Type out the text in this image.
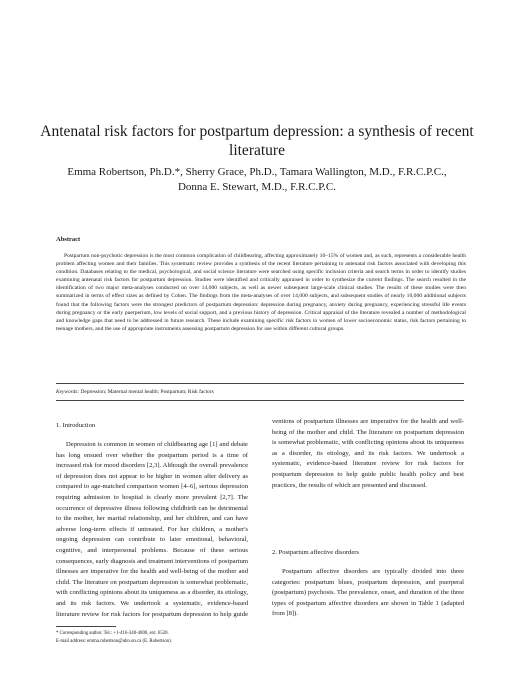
Antenatal risk factors for postpartum depression: a synthesis of recent literature
Emma Robertson, Ph.D.*, Sherry Grace, Ph.D., Tamara Wallington, M.D., F.R.C.P.C.,
Donna E. Stewart, M.D., F.R.C.P.C.
Abstract

Postpartum non-psychotic depression is the most common complication of childbearing, affecting approximately 10–15% of women and, as such, represents a considerable health problem affecting women and their families. This systematic review provides a synthesis of the recent literature pertaining to antenatal risk factors associated with developing this condition. Databases relating to the medical, psychological, and social science literature were searched using specific inclusion criteria and search terms in order to identify studies examining antenatal risk factors for postpartum depression. Studies were identified and critically appraised in order to synthesize the current findings. The search resulted in the identification of two major meta-analyses conducted on over 14,000 subjects, as well as newer subsequent large-scale clinical studies. The results of these studies were then summarized in terms of effect sizes as defined by Cohen. The findings from the meta-analyses of over 14,000 subjects, and subsequent studies of nearly 10,000 additional subjects found that the following factors were the strongest predictors of postpartum depression: depression during pregnancy, anxiety during pregnancy, experiencing stressful life events during pregnancy or the early puerperium, low levels of social support, and a previous history of depression. Critical appraisal of the literature revealed a number of methodological and knowledge gaps that need to be addressed in future research. These include examining specific risk factors in women of lower socioeconomic status, risk factors pertaining to teenage mothers, and the use of appropriate instruments assessing postpartum depression for use within different cultural groups.

Keywords: Depression; Maternal mental health; Postpartum; Risk factors
1. Introduction

Depression is common in women of childbearing age [1] and debate has long ensued over whether the postpartum period is a time of increased risk for mood disorders [2,3]. Although the overall prevalence of depression does not appear to be higher in women after delivery as compared to age-matched comparison women [4–6], serious depression requiring admission to hospital is clearly more prevalent [2,7]. The occurrence of depressive illness following childbirth can be detrimental to the mother, her marital relationship, and her children, and can have adverse long-term effects if untreated. For her children, a mother's ongoing depression can contribute to later emotional, behavioral, cognitive, and interpersonal problems. Because of these serious consequences, early diagnosis and treatment interventions of postpartum illnesses are imperative for the health and well-being of the mother and child. The literature on postpartum depression is somewhat problematic, with conflicting opinions about its uniqueness as a disorder, its etiology, and its risk factors. We undertook a systematic, evidence-based literature review for risk factors for postpartum depression to help guide

ventions of postpartum illnesses are imperative for the health and well-being of the mother and child. The literature on postpartum depression is somewhat problematic, with conflicting opinions about its uniqueness as a disorder, its etiology, and its risk factors. We undertook a systematic, evidence-based literature review for risk factors for postpartum depression to help guide public health policy and best practices, the results of which are presented and discussed.

2. Postpartum affective disorders

Postpartum affective disorders are typically divided into three categories: postpartum blues, postpartum depression, and puerperal (postpartum) psychosis. The prevalence, onset, and duration of the three types of postpartum affective disorders are shown in Table 1 (adapted from [8]).

* Corresponding author. Tel.: +1-416-340-4800, ext. 6520.
E-mail address: emma.robertson@uhn.on.ca (E. Robertson).
